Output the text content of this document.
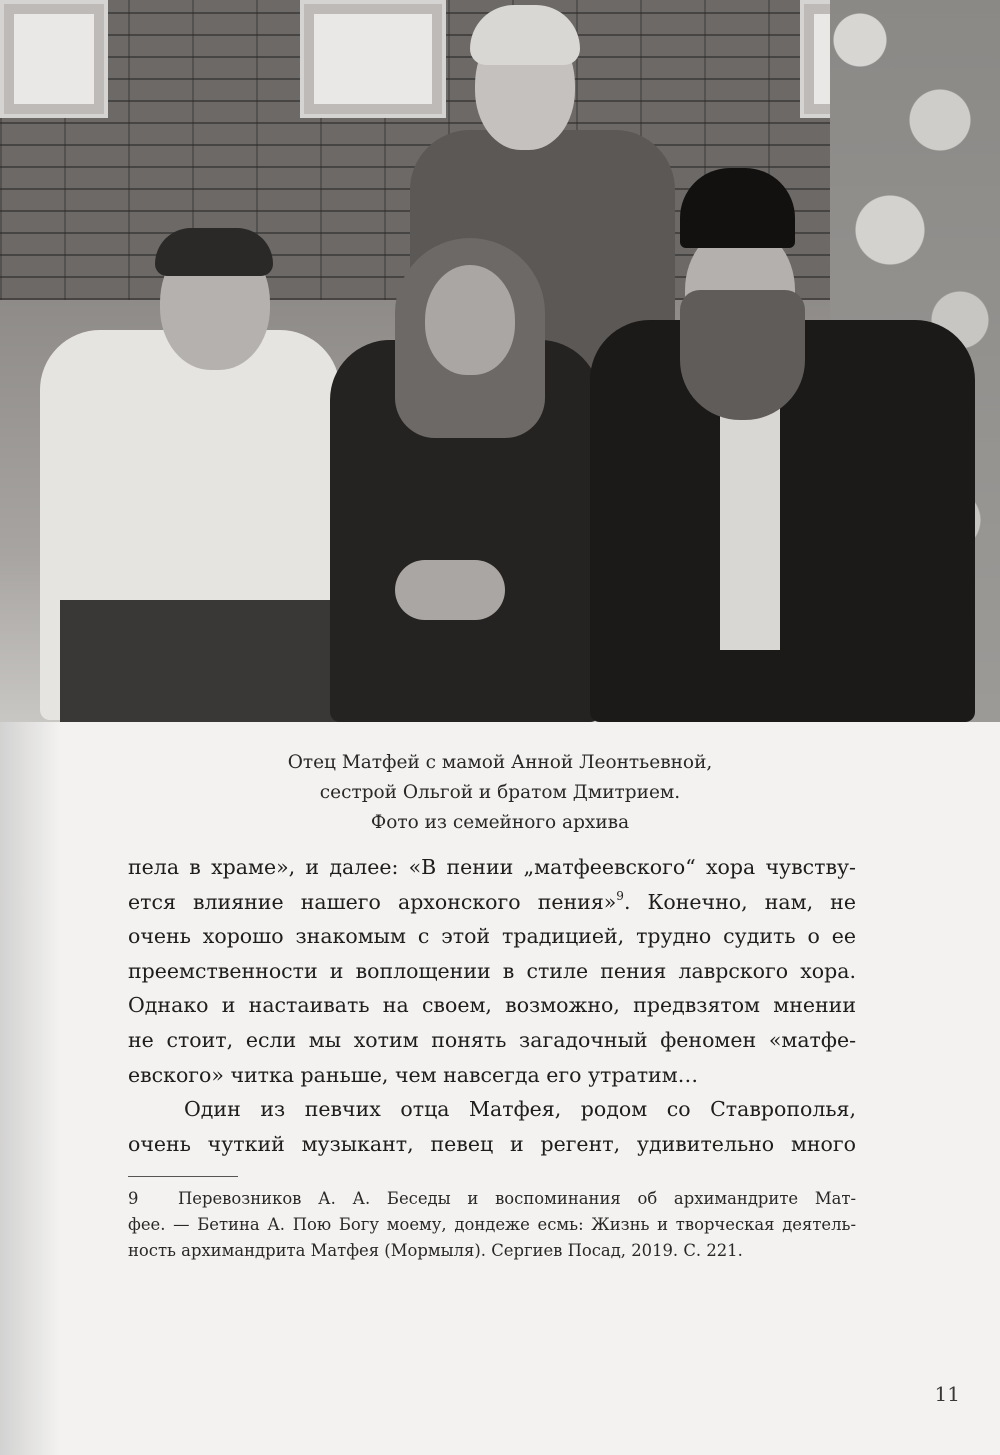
Отец Матфей с мамой Анной Леонтьевной,
сестрой Ольгой и братом Дмитрием.
Фото из семейного архива
пела в храме», и далее: «В пении „матфеевского“ хора чувству-
ется влияние нашего архонского пения»$^9$. Конечно, нам, не
очень хорошо знакомым с этой традицией, трудно судить о ее
преемственности и воплощении в стиле пения лаврского хора.
Однако и настаивать на своем, возможно, предвзятом мнении
не стоит, если мы хотим понять загадочный феномен «матфе-
евского» читка раньше, чем навсегда его утратим…
Один из певчих отца Матфея, родом со Ставрополья,
очень чуткий музыкант, певец и регент, удивительно много
9 Перевозников А. А. Беседы и воспоминания об архимандрите Мат-
фее. — Бетина А. Пою Богу моему, дондеже есмь: Жизнь и творческая деятель-
ность архимандрита Матфея (Мормыля). Сергиев Посад, 2019. С. 221.
11
